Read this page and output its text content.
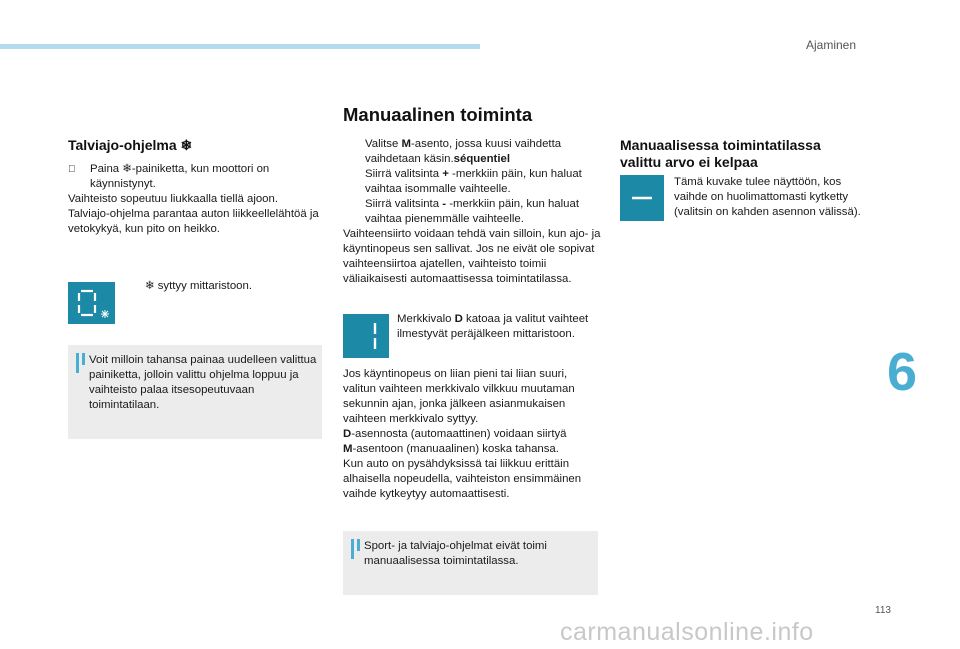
Ajaminen
Talviajo-ohjelma ❄
Paina ❄-painiketta, kun moottori on käynnistynyt.

Vaihteisto sopeutuu liukkaalla tiellä ajoon.

Talviajo-ohjelma parantaa auton liikkeellelähtöä ja vetokykyä, kun pito on heikko.

❄ syttyy mittaristoon.
Voit milloin tahansa painaa uudelleen valittua painiketta, jolloin valittu ohjelma loppuu ja vaihteisto palaa itsesopeutuvaan toimintatilaan.
Manuaalinen toiminta
Valitse M-asento, jossa kuusi vaihdetta vaihdetaan käsin.séquentiel
Siirrä valitsinta + -merkkiin päin, kun haluat vaihtaa isommalle vaihteelle.
Siirrä valitsinta - -merkkiin päin, kun haluat vaihtaa pienemmälle vaihteelle.

Vaihteensiirto voidaan tehdä vain silloin, kun ajo- ja käyntinopeus sen sallivat. Jos ne eivät ole sopivat vaihteensiirtoa ajatellen, vaihteisto toimii väliaikaisesti automaattisessa toimintatilassa.

Merkkivalo D katoaa ja valitut vaihteet ilmestyvät peräjälkeen mittaristoon.

Jos käyntinopeus on liian pieni tai liian suuri, valitun vaihteen merkkivalo vilkkuu muutaman sekunnin ajan, jonka jälkeen asianmukaisen vaihteen merkkivalo syttyy.

D-asennosta (automaattinen) voidaan siirtyä
M-asentoon (manuaalinen) koska tahansa.

Kun auto on pysähdyksissä tai liikkuu erittäin alhaisella nopeudella, vaihteiston ensimmäinen vaihde kytkeytyy automaattisesti.

Sport- ja talviajo-ohjelmat eivät toimi manuaalisessa toimintatilassa.
Manuaalisessa toimintatilassa
valittu arvo ei kelpaa
Tämä kuvake tulee näyttöön, kos vaihde on huolimattomasti kytketty (valitsin on kahden asennon välissä).
6
113
carmanualsonline.info
